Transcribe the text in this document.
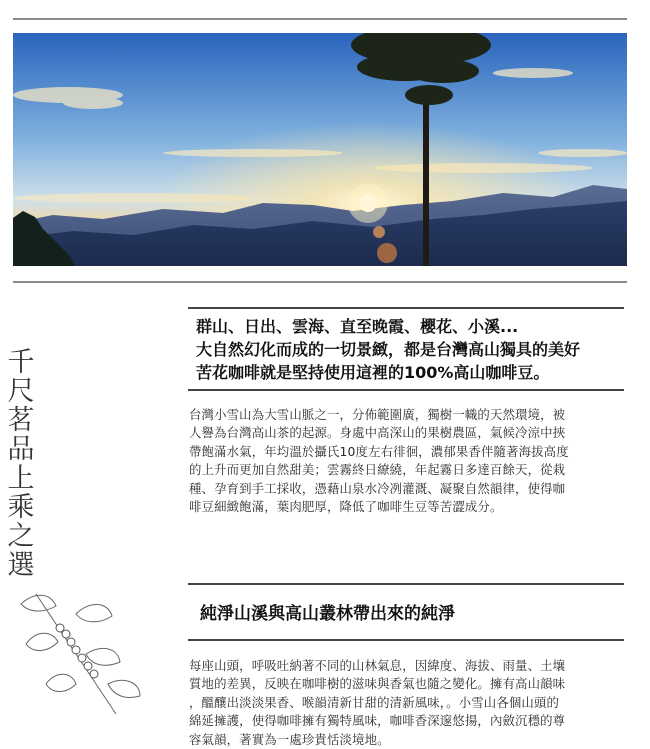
千
尺
茗
品
上
乘
之
選
群山、日出、雲海、直至晚霞、櫻花、小溪...
大自然幻化而成的一切景緻，都是台灣高山獨具的美好
苦花咖啡就是堅持使用這裡的100%高山咖啡豆。
台灣小雪山為大雪山脈之一，分佈範圍廣，獨樹一幟的天然環境，被
人譽為台灣高山茶的起源。身處中高深山的果樹農區，氣候冷涼中挾
帶飽滿水氣，年均溫於攝氏10度左右徘徊，濃郁果香伴隨著海拔高度
的上升而更加自然甜美；雲霧終日繚繞，年起霧日多達百餘天，從栽
種、孕育到手工採收，憑藉山泉水冷冽灌溉、凝聚自然韻律，使得咖
啡豆細緻飽滿，葉肉肥厚，降低了咖啡生豆等苦澀成分。
純淨山溪與高山叢林帶出來的純淨
每座山頭，呼吸吐納著不同的山林氣息，因緯度、海拔、雨量、土壤
質地的差異，反映在咖啡樹的滋味與香氣也隨之變化。擁有高山韻味
，醞釀出淡淡果香、喉韻清新甘甜的清新風味，。小雪山各個山頭的
綿延擁護，使得咖啡擁有獨特風味，咖啡香深邃悠揚，內斂沉穩的尊
容氣韻，著實為一處珍貴恬淡境地。
